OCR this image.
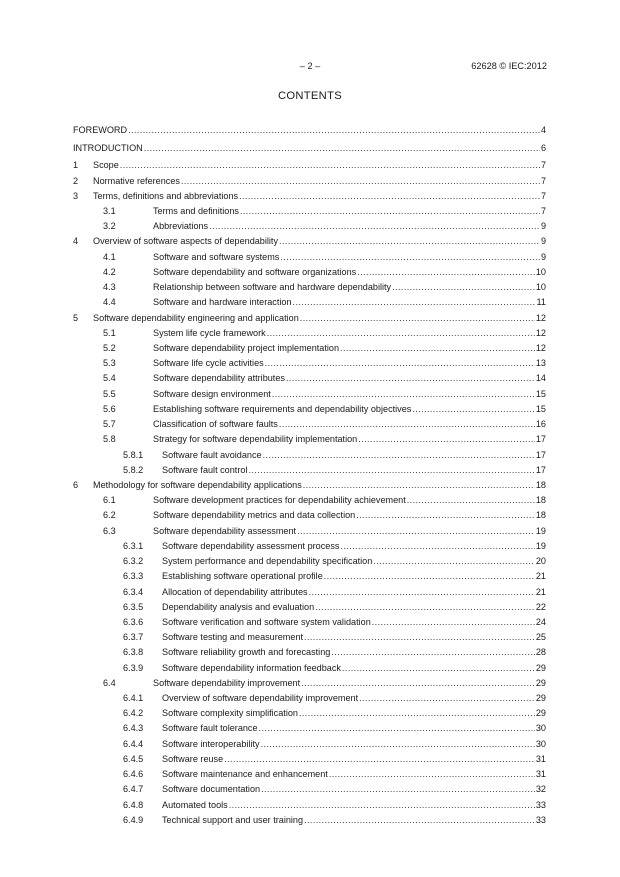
– 2 –	62628 © IEC:2012
CONTENTS
FOREWORD .....	4
INTRODUCTION .....	6
1	Scope .....	7
2	Normative references .....	7
3	Terms, definitions and abbreviations .....	7
3.1	Terms and definitions .....	7
3.2	Abbreviations .....	9
4	Overview of software aspects of dependability .....	9
4.1	Software and software systems .....	9
4.2	Software dependability and software organizations .....	10
4.3	Relationship between software and hardware dependability .....	10
4.4	Software and hardware interaction .....	11
5	Software dependability engineering and application .....	12
5.1	System life cycle framework .....	12
5.2	Software dependability project implementation .....	12
5.3	Software life cycle activities .....	13
5.4	Software dependability attributes .....	14
5.5	Software design environment .....	15
5.6	Establishing software requirements and dependability objectives .....	15
5.7	Classification of software faults .....	16
5.8	Strategy for software dependability implementation .....	17
5.8.1	Software fault avoidance .....	17
5.8.2	Software fault control .....	17
6	Methodology for software dependability applications .....	18
6.1	Software development practices for dependability achievement .....	18
6.2	Software dependability metrics and data collection .....	18
6.3	Software dependability assessment .....	19
6.3.1	Software dependability assessment process .....	19
6.3.2	System performance and dependability specification .....	20
6.3.3	Establishing software operational profile .....	21
6.3.4	Allocation of dependability attributes .....	21
6.3.5	Dependability analysis and evaluation .....	22
6.3.6	Software verification and software system validation .....	24
6.3.7	Software testing and measurement .....	25
6.3.8	Software reliability growth and forecasting .....	28
6.3.9	Software dependability information feedback .....	29
6.4	Software dependability improvement .....	29
6.4.1	Overview of software dependability improvement .....	29
6.4.2	Software complexity simplification .....	29
6.4.3	Software fault tolerance .....	30
6.4.4	Software interoperability .....	30
6.4.5	Software reuse .....	31
6.4.6	Software maintenance and enhancement .....	31
6.4.7	Software documentation .....	32
6.4.8	Automated tools .....	33
6.4.9	Technical support and user training .....	33
